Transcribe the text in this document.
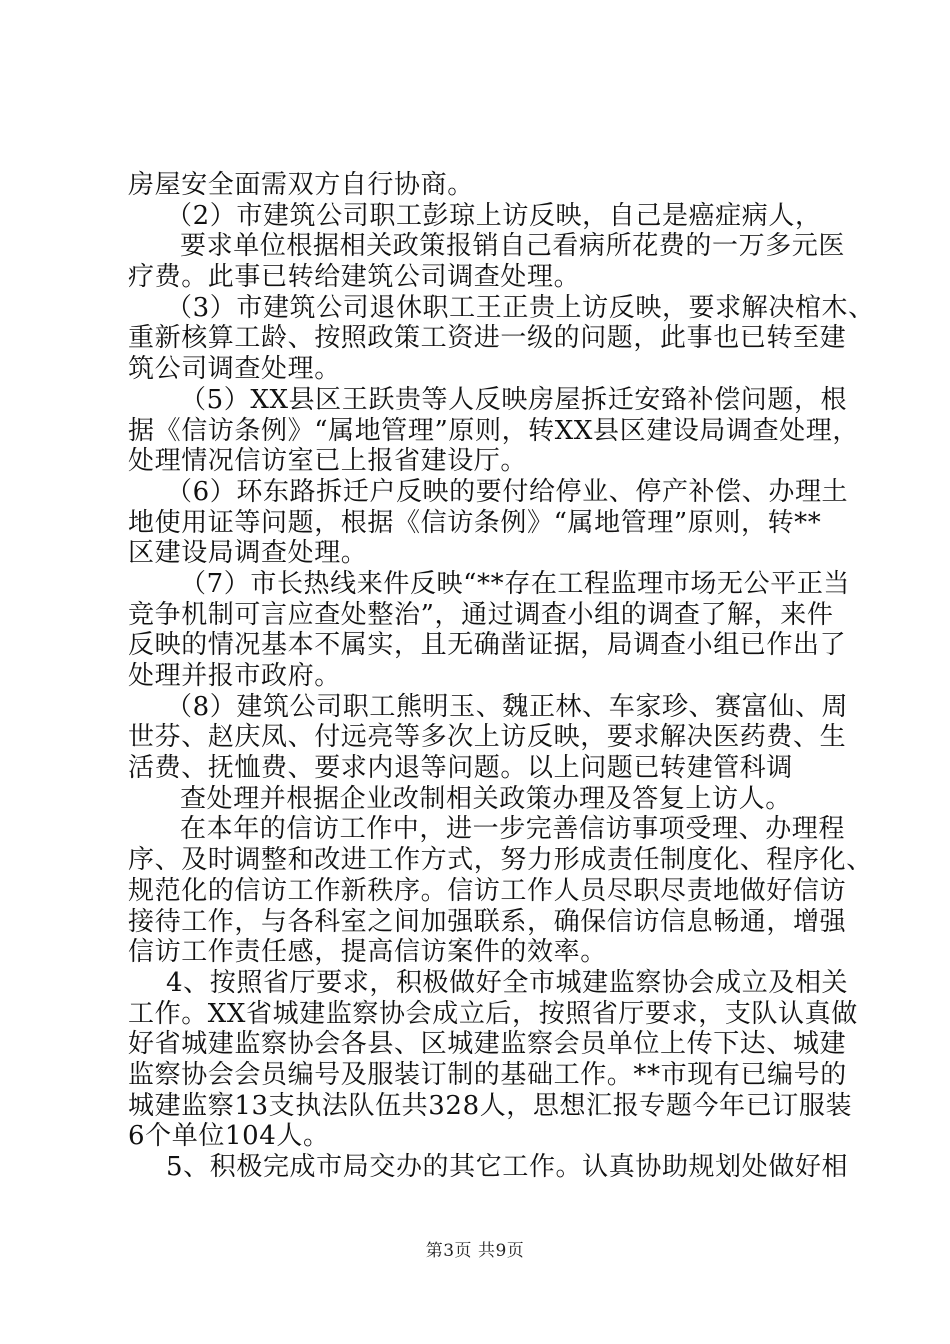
房屋安全面需双方自行协商。
（2）市建筑公司职工彭琼上访反映，自己是癌症病人，
要求单位根据相关政策报销自己看病所花费的一万多元医
疗费。此事已转给建筑公司调查处理。
（3）市建筑公司退休职工王正贵上访反映，要求解决棺木、
重新核算工龄、按照政策工资进一级的问题，此事也已转至建
筑公司调查处理。
（5）XX县区王跃贵等人反映房屋拆迁安臵补偿问题，根
据《信访条例》“属地管理”原则，转XX县区建设局调查处理，
处理情况信访室已上报省建设厅。
（6）环东路拆迁户反映的要付给停业、停产补偿、办理土
地使用证等问题，根据《信访条例》“属地管理”原则，转**
区建设局调查处理。
（7）市长热线来件反映“**存在工程监理市场无公平正当
竞争机制可言应查处整治”，通过调查小组的调查了解，来件
反映的情况基本不属实，且无确凿证据，局调查小组已作出了
处理并报市政府。
（8）建筑公司职工熊明玉、魏正林、车家珍、赛富仙、周
世芬、赵庆凤、付远亮等多次上访反映，要求解决医药费、生
活费、抚恤费、要求内退等问题。以上问题已转建管科调
查处理并根据企业改制相关政策办理及答复上访人。
在本年的信访工作中，进一步完善信访事项受理、办理程
序、及时调整和改进工作方式，努力形成责任制度化、程序化、
规范化的信访工作新秩序。信访工作人员尽职尽责地做好信访
接待工作，与各科室之间加强联系，确保信访信息畅通，增强
信访工作责任感，提高信访案件的效率。
4、按照省厅要求，积极做好全市城建监察协会成立及相关
工作。XX省城建监察协会成立后，按照省厅要求，支队认真做
好省城建监察协会各县、区城建监察会员单位上传下达、城建
监察协会会员编号及服装订制的基础工作。**市现有已编号的
城建监察13支执法队伍共328人，思想汇报专题今年已订服装
6个单位104人。
5、积极完成市局交办的其它工作。认真协助规划处做好相
第3页 共9页
